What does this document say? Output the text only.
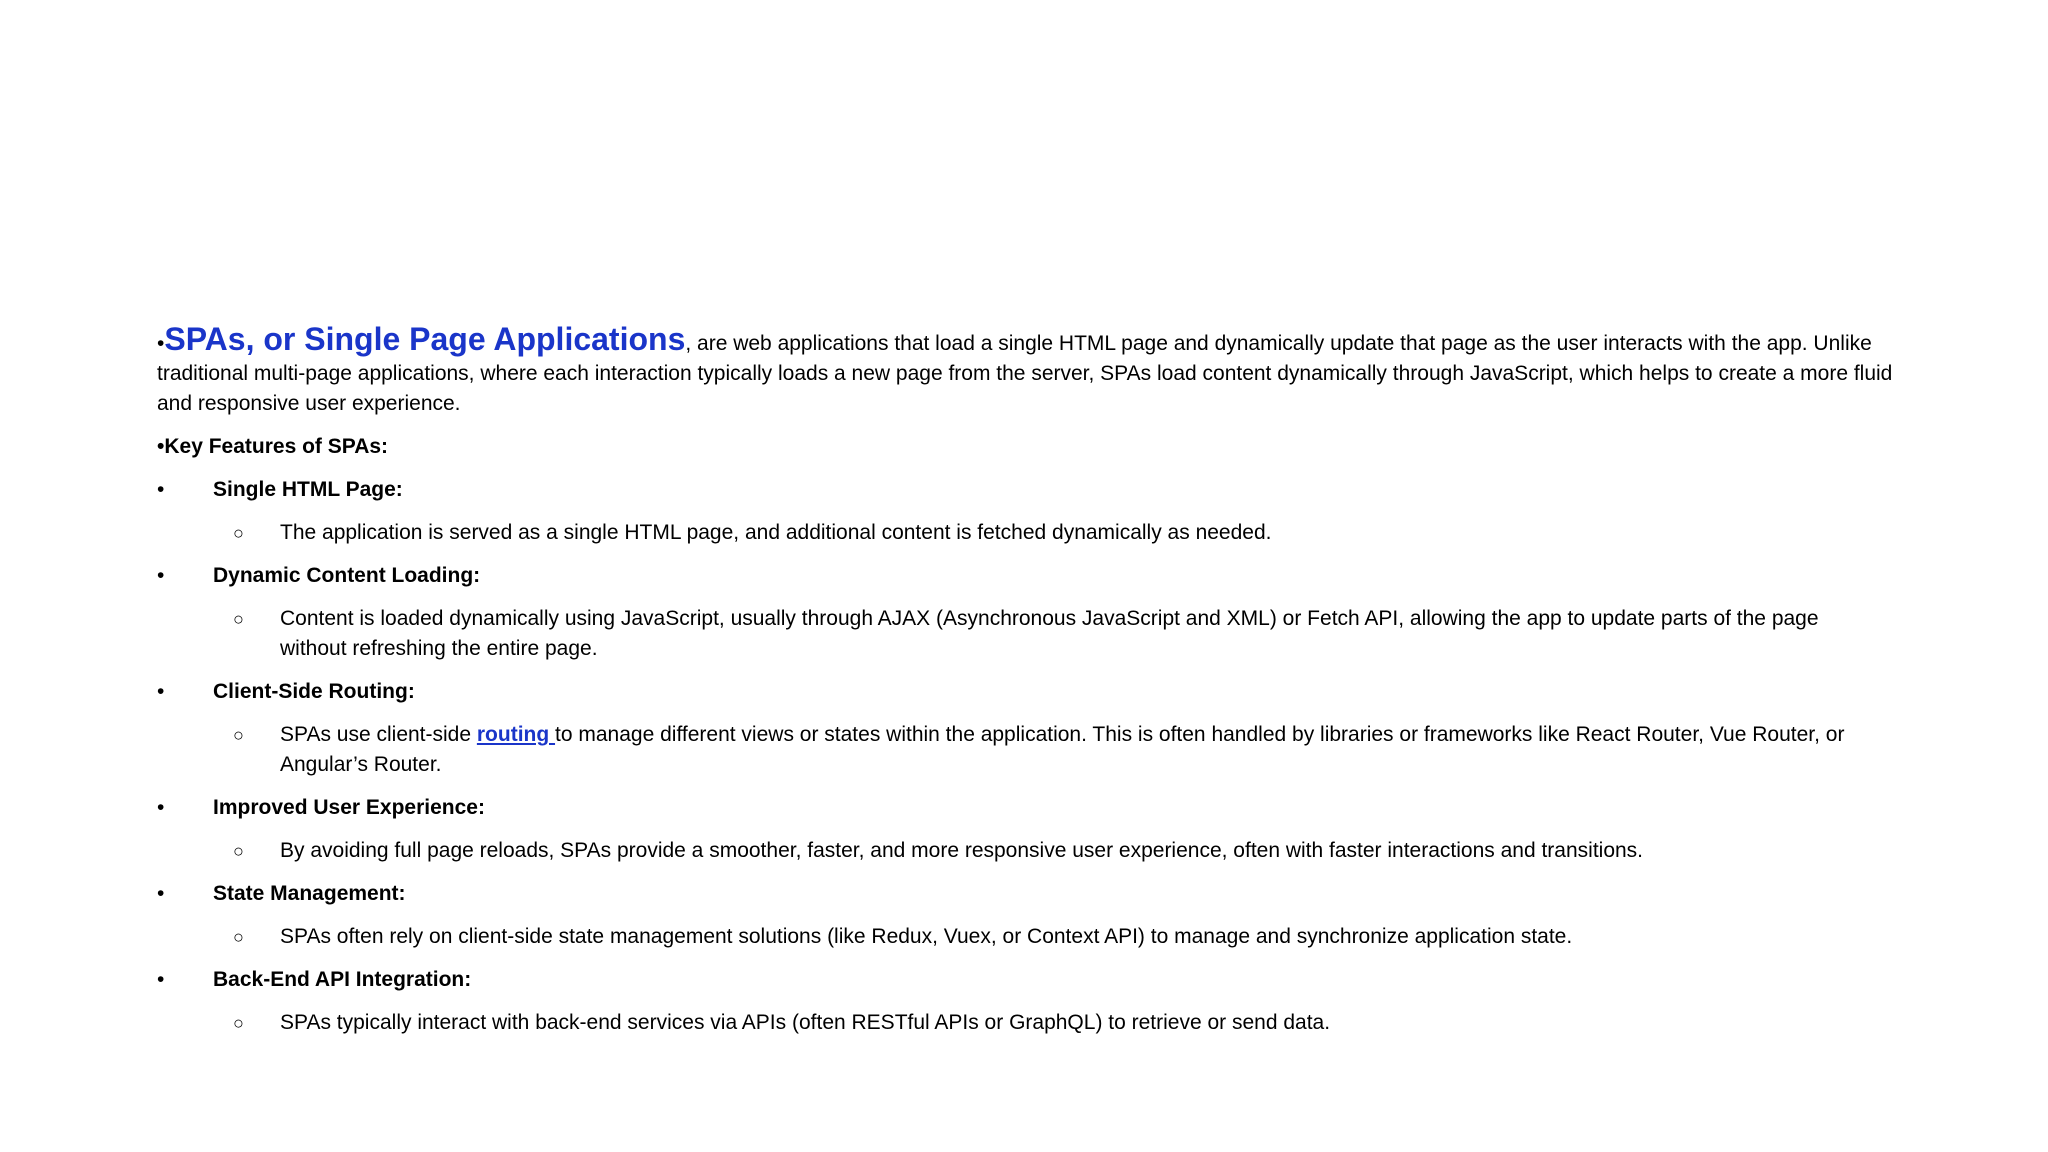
•SPAs, or Single Page Applications, are web applications that load a single HTML page and dynamically update that page as the user interacts with the app. Unlike traditional multi-page applications, where each interaction typically loads a new page from the server, SPAs load content dynamically through JavaScript, which helps to create a more fluid and responsive user experience.

•Key Features of SPAs:

• Single HTML Page:
○ The application is served as a single HTML page, and additional content is fetched dynamically as needed.
• Dynamic Content Loading:
○ Content is loaded dynamically using JavaScript, usually through AJAX (Asynchronous JavaScript and XML) or Fetch API, allowing the app to update parts of the page without refreshing the entire page.
• Client-Side Routing:
○ SPAs use client-side routing to manage different views or states within the application. This is often handled by libraries or frameworks like React Router, Vue Router, or Angular’s Router.
• Improved User Experience:
○ By avoiding full page reloads, SPAs provide a smoother, faster, and more responsive user experience, often with faster interactions and transitions.
• State Management:
○ SPAs often rely on client-side state management solutions (like Redux, Vuex, or Context API) to manage and synchronize application state.
• Back-End API Integration:
○ SPAs typically interact with back-end services via APIs (often RESTful APIs or GraphQL) to retrieve or send data.
